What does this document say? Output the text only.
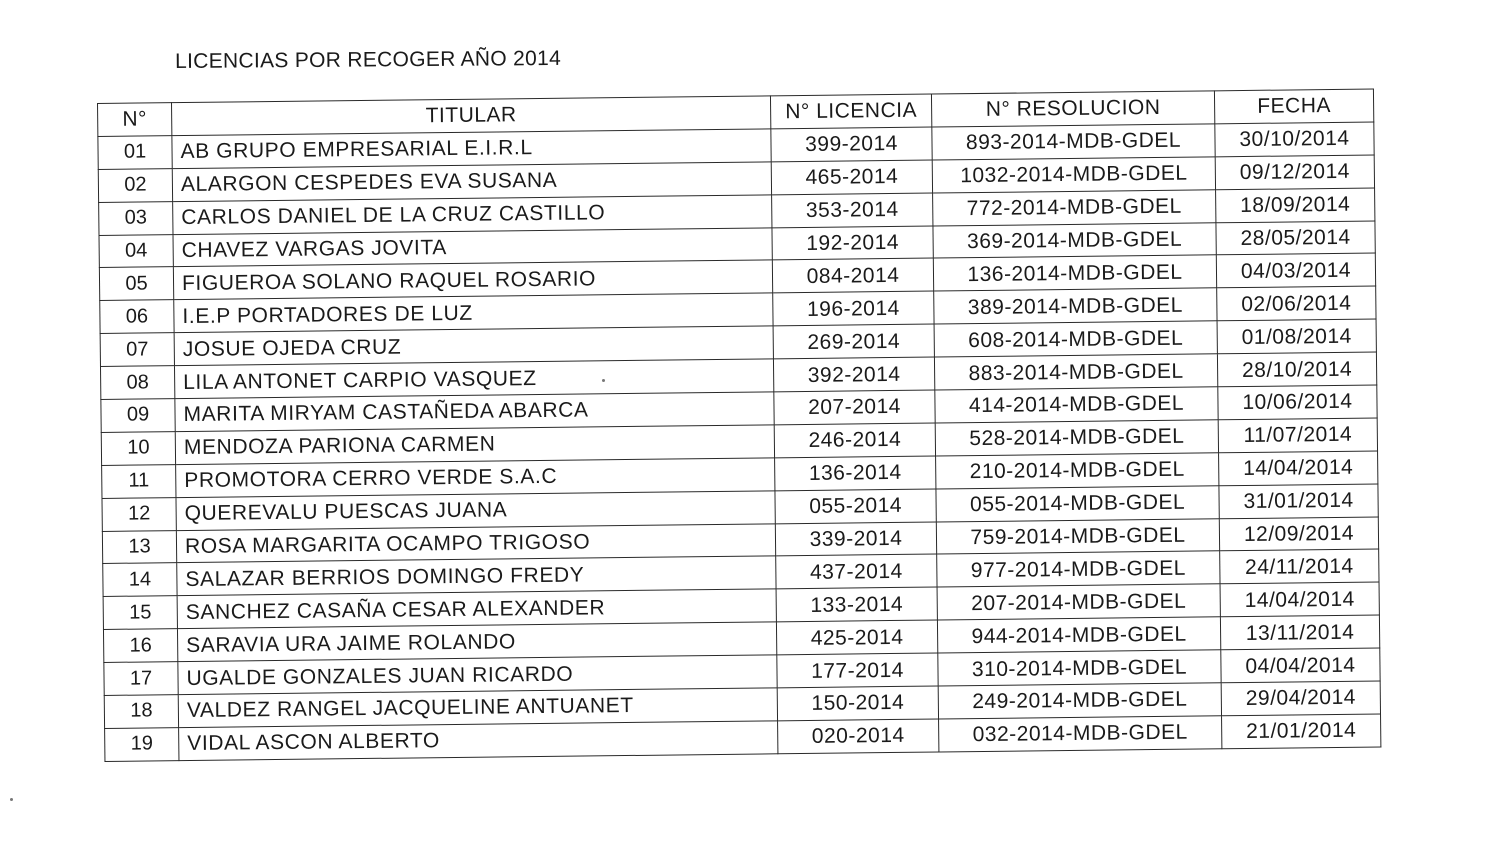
LICENCIAS POR RECOGER AÑO 2014
N°	TITULAR	N° LICENCIA	N° RESOLUCION	FECHA
01	AB GRUPO EMPRESARIAL E.I.R.L	399-2014	893-2014-MDB-GDEL	30/10/2014
02	ALARGON CESPEDES EVA SUSANA	465-2014	1032-2014-MDB-GDEL	09/12/2014
03	CARLOS DANIEL DE LA CRUZ CASTILLO	353-2014	772-2014-MDB-GDEL	18/09/2014
04	CHAVEZ VARGAS JOVITA	192-2014	369-2014-MDB-GDEL	28/05/2014
05	FIGUEROA SOLANO RAQUEL ROSARIO	084-2014	136-2014-MDB-GDEL	04/03/2014
06	I.E.P PORTADORES DE LUZ	196-2014	389-2014-MDB-GDEL	02/06/2014
07	JOSUE OJEDA CRUZ	269-2014	608-2014-MDB-GDEL	01/08/2014
08	LILA ANTONET CARPIO VASQUEZ	392-2014	883-2014-MDB-GDEL	28/10/2014
09	MARITA MIRYAM CASTAÑEDA ABARCA	207-2014	414-2014-MDB-GDEL	10/06/2014
10	MENDOZA PARIONA CARMEN	246-2014	528-2014-MDB-GDEL	11/07/2014
11	PROMOTORA CERRO VERDE S.A.C	136-2014	210-2014-MDB-GDEL	14/04/2014
12	QUEREVALU PUESCAS JUANA	055-2014	055-2014-MDB-GDEL	31/01/2014
13	ROSA MARGARITA OCAMPO TRIGOSO	339-2014	759-2014-MDB-GDEL	12/09/2014
14	SALAZAR BERRIOS DOMINGO FREDY	437-2014	977-2014-MDB-GDEL	24/11/2014
15	SANCHEZ CASAÑA CESAR ALEXANDER	133-2014	207-2014-MDB-GDEL	14/04/2014
16	SARAVIA URA JAIME ROLANDO	425-2014	944-2014-MDB-GDEL	13/11/2014
17	UGALDE GONZALES JUAN RICARDO	177-2014	310-2014-MDB-GDEL	04/04/2014
18	VALDEZ RANGEL JACQUELINE ANTUANET	150-2014	249-2014-MDB-GDEL	29/04/2014
19	VIDAL ASCON ALBERTO	020-2014	032-2014-MDB-GDEL	21/01/2014
